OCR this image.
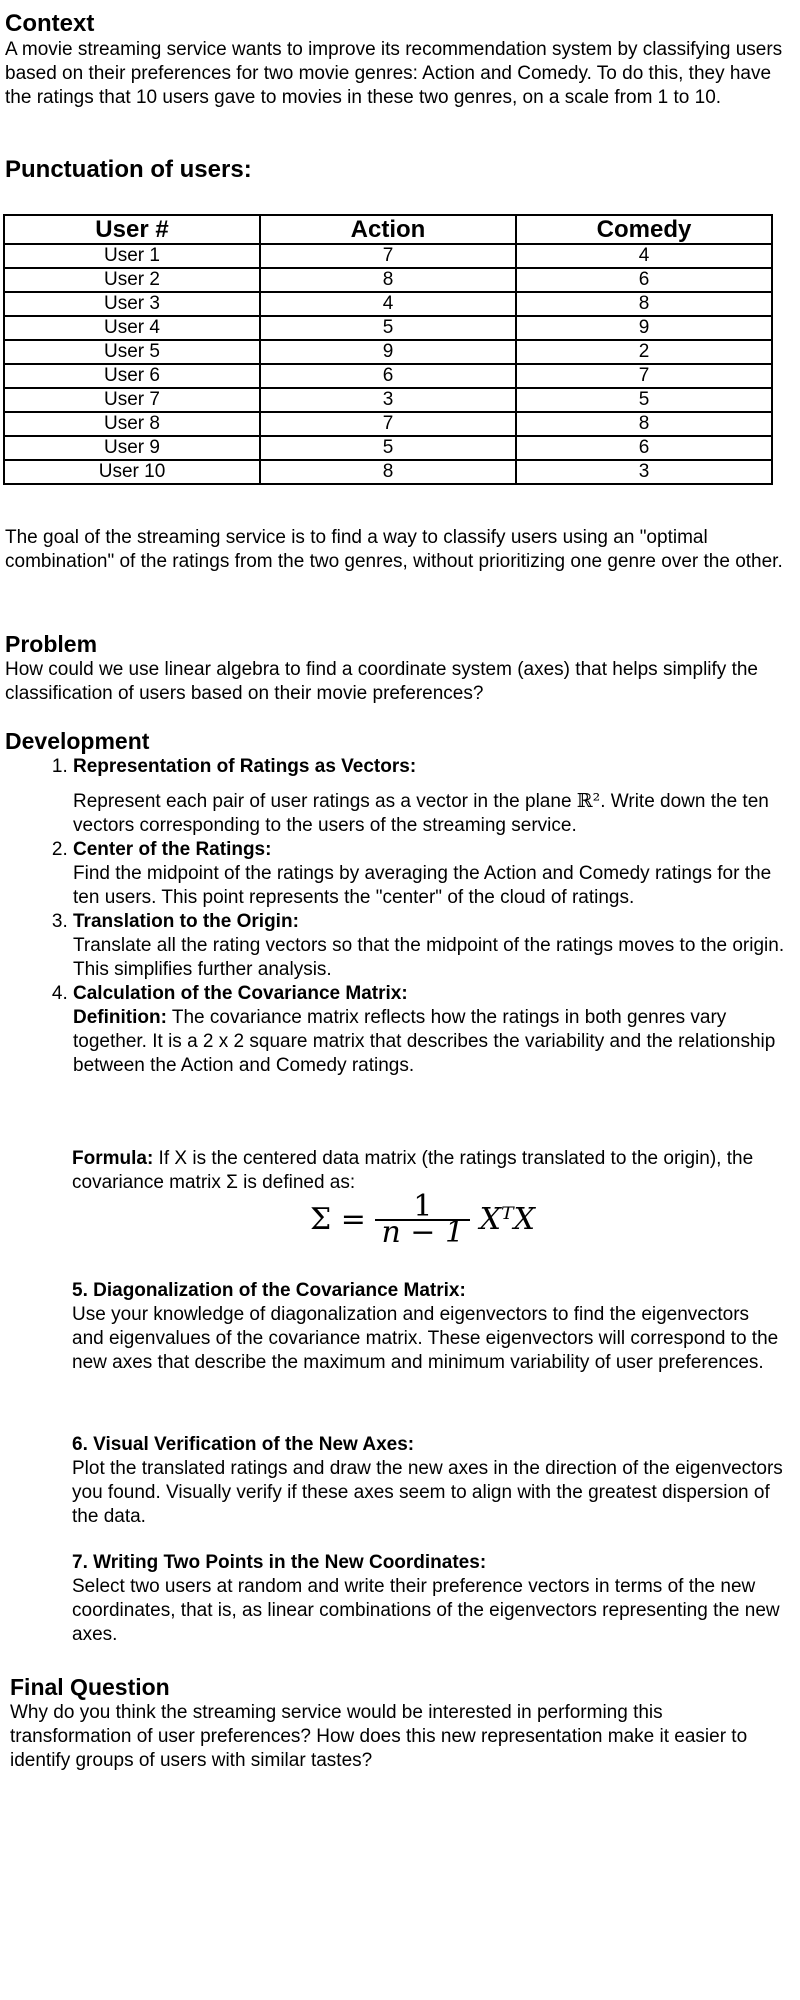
Context

A movie streaming service wants to improve its recommendation system by classifying users based on their preferences for two movie genres: Action and Comedy. To do this, they have the ratings that 10 users gave to movies in these two genres, on a scale from 1 to 10.

Punctuation of users:
User #	Action	Comedy
User 1	7	4
User 2	8	6
User 3	4	8
User 4	5	9
User 5	9	2
User 6	6	7
User 7	3	5
User 8	7	8
User 9	5	6
User 10	8	3

The goal of the streaming service is to find a way to classify users using an "optimal combination" of the ratings from the two genres, without prioritizing one genre over the other.

Problem

How could we use linear algebra to find a coordinate system (axes) that helps simplify the classification of users based on their movie preferences?

Development
1. Representation of Ratings as Vectors:
Represent each pair of user ratings as a vector in the plane ℝ². Write down the ten vectors corresponding to the users of the streaming service.
2. Center of the Ratings:
Find the midpoint of the ratings by averaging the Action and Comedy ratings for the ten users. This point represents the "center" of the cloud of ratings.
3. Translation to the Origin:
Translate all the rating vectors so that the midpoint of the ratings moves to the origin. This simplifies further analysis.
4. Calculation of the Covariance Matrix:
Definition: The covariance matrix reflects how the ratings in both genres vary together. It is a 2 x 2 square matrix that describes the variability and the relationship between the Action and Comedy ratings.
Formula: If X is the centered data matrix (the ratings translated to the origin), the covariance matrix Σ is defined as:
$\Sigma = \frac{1}{n - 1}$ XᵀX

5. Diagonalization of the Covariance Matrix:

Use your knowledge of diagonalization and eigenvectors to find the eigenvectors and eigenvalues of the covariance matrix. These eigenvectors will correspond to the new axes that describe the maximum and minimum variability of user preferences.

6. Visual Verification of the New Axes:

Plot the translated ratings and draw the new axes in the direction of the eigenvectors you found. Visually verify if these axes seem to align with the greatest dispersion of the data.

7. Writing Two Points in the New Coordinates:

Select two users at random and write their preference vectors in terms of the new coordinates, that is, as linear combinations of the eigenvectors representing the new axes.

Final Question

Why do you think the streaming service would be interested in performing this transformation of user preferences? How does this new representation make it easier to identify groups of users with similar tastes?
